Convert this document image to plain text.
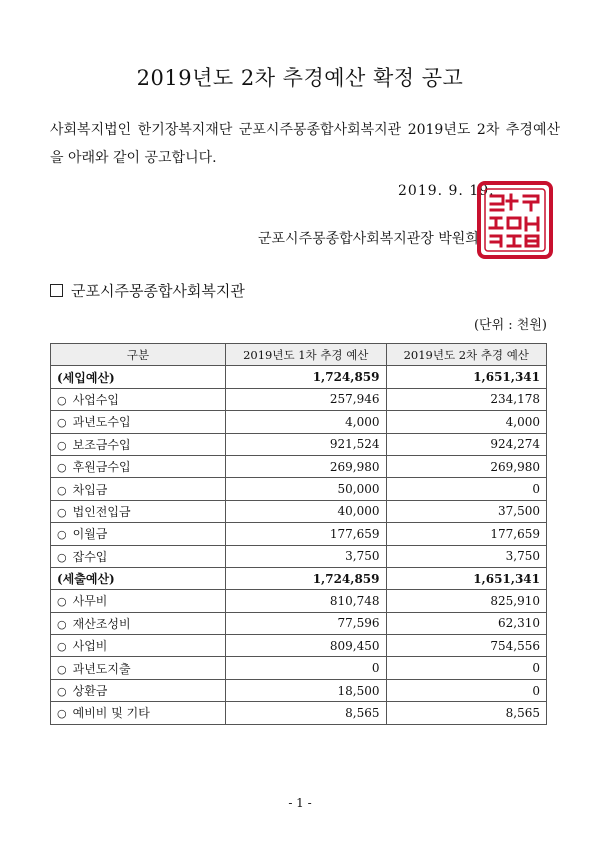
2019년도 2차 추경예산 확정 공고
사회복지법인 한기장복지재단 군포시주몽종합사회복지관 2019년도 2차 추경예산을 아래와 같이 공고합니다.
2019. 9. 19.
군포시주몽종합사회복지관장 박원희
군포시주몽종합사회복지관
(단위 : 천원)
구분	2019년도 1차 추경 예산	2019년도 2차 추경 예산
(세입예산)	1,724,859	1,651,341
○ 사업수입	257,946	234,178
○ 과년도수입	4,000	4,000
○ 보조금수입	921,524	924,274
○ 후원금수입	269,980	269,980
○ 차입금	50,000	0
○ 법인전입금	40,000	37,500
○ 이월금	177,659	177,659
○ 잡수입	3,750	3,750
(세출예산)	1,724,859	1,651,341
○ 사무비	810,748	825,910
○ 재산조성비	77,596	62,310
○ 사업비	809,450	754,556
○ 과년도지출	0	0
○ 상환금	18,500	0
○ 예비비 및 기타	8,565	8,565
- 1 -
